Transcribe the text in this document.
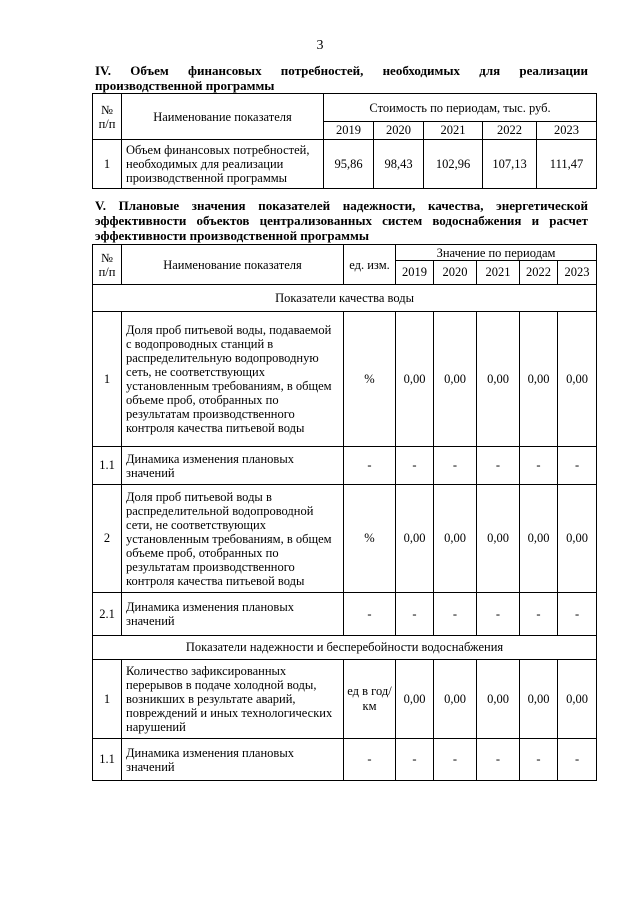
3
IV. Объем финансовых потребностей, необходимых для реализации производственной программы
№ п/п	Наименование показателя	Стоимость по периодам, тыс. руб.				
		2019	2020	2021	2022	2023
1	Объем финансовых потребностей, необходимых для реализации производственной программы	95,86	98,43	102,96	107,13	111,47
V. Плановые значения показателей надежности, качества, энергетической эффективности объектов централизованных систем водоснабжения и расчет эффективности производственной программы
№ п/п	Наименование показателя	ед. изм.	Значение по периодам				
			2019	2020	2021	2022	2023
Показатели качества воды							
1	Доля проб питьевой воды, подаваемой с водопроводных станций в распределительную водопроводную сеть, не соответствующих установленным требованиям, в общем объеме проб, отобранных по результатам производственного контроля качества питьевой воды	%	0,00	0,00	0,00	0,00	0,00
1.1	Динамика изменения плановых значений	-	-	-	-	-	-
2	Доля проб питьевой воды в распределительной водопроводной сети, не соответствующих установленным требованиям, в общем объеме проб, отобранных по результатам производственного контроля качества питьевой воды	%	0,00	0,00	0,00	0,00	0,00
2.1	Динамика изменения плановых значений	-	-	-	-	-	-
Показатели надежности и бесперебойности водоснабжения							
1	Количество зафиксированных перерывов в подаче холодной воды, возникших в результате аварий, повреждений и иных технологических нарушений	ед в год/ км	0,00	0,00	0,00	0,00	0,00
1.1	Динамика изменения плановых значений	-	-	-	-	-	-
